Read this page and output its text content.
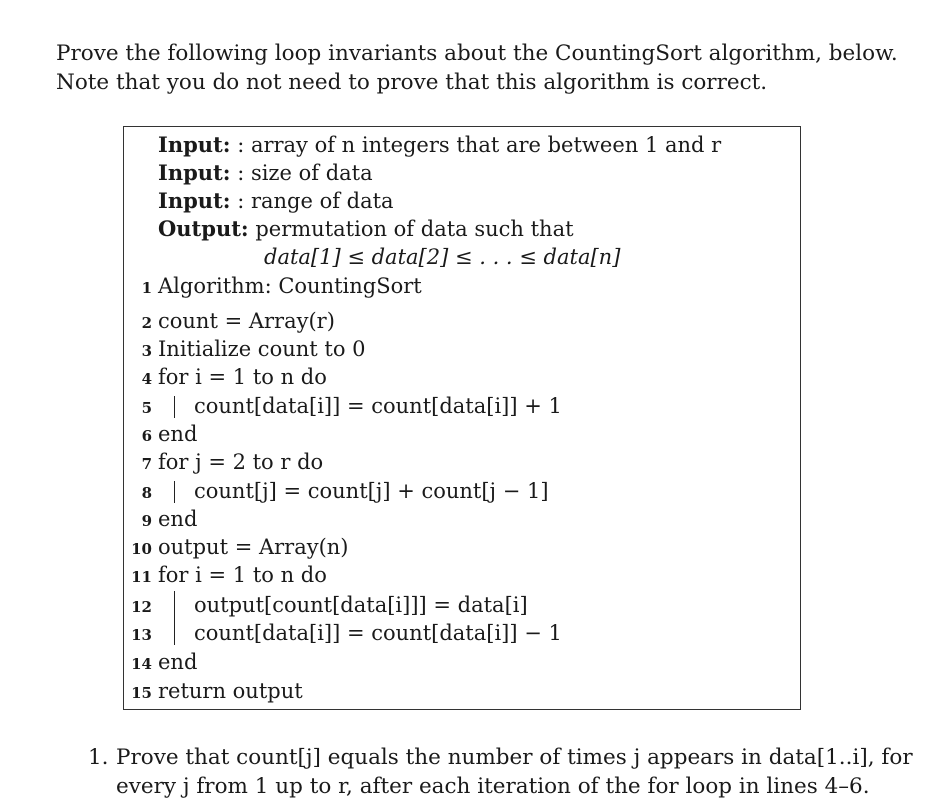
Prove the following loop invariants about the CountingSort algorithm, below.
Note that you do not need to prove that this algorithm is correct.
Input: : array of n integers that are between 1 and r
Input: : size of data
Input: : range of data
Output: permutation of data such that
data[1] ≤ data[2] ≤ . . . ≤ data[n]
1 Algorithm: CountingSort
2 count = Array(r)
3 Initialize count to 0
4 for i = 1 to n do
5 count[data[i]] = count[data[i]] + 1
6 end
7 for j = 2 to r do
8 count[j] = count[j] + count[j − 1]
9 end
10 output = Array(n)
11 for i = 1 to n do
12 output[count[data[i]]] = data[i]
13 count[data[i]] = count[data[i]] − 1
14 end
15 return output
1. Prove that count[j] equals the number of times j appears in data[1..i], for
every j from 1 up to r, after each iteration of the for loop in lines 4–6.
